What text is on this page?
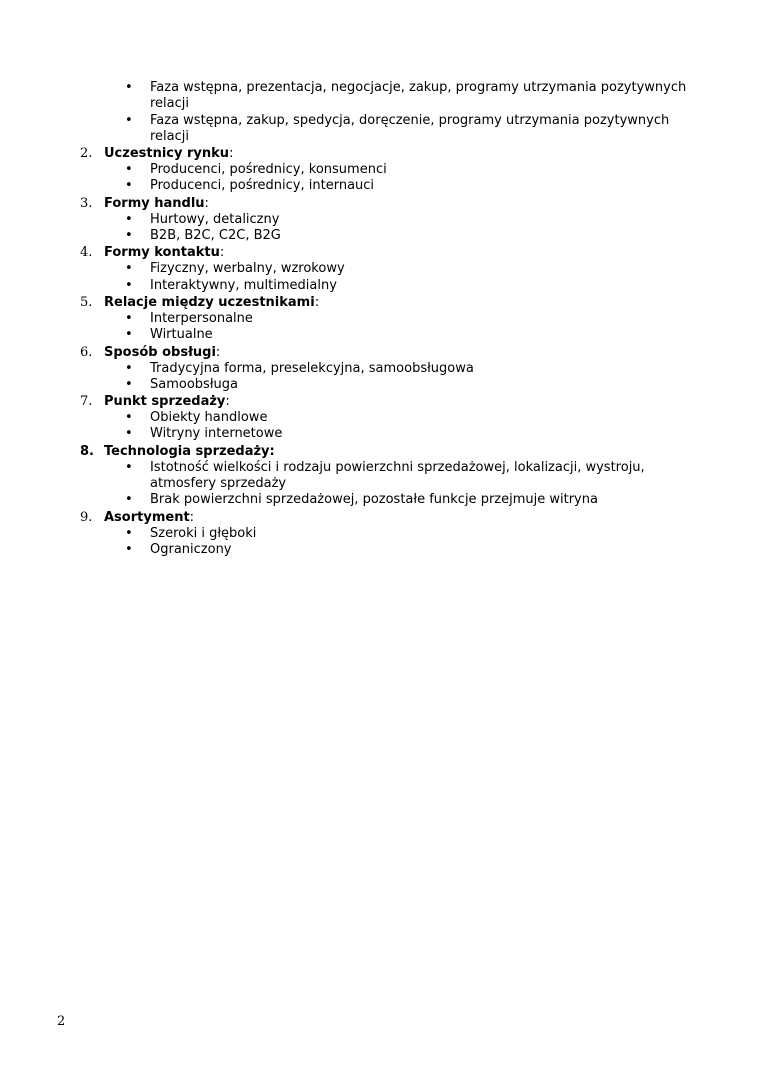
• Faza wstępna, prezentacja, negocjacje, zakup, programy utrzymania pozytywnych relacji
• Faza wstępna, zakup, spedycja, doręczenie, programy utrzymania pozytywnych relacji
2. Uczestnicy rynku:
• Producenci, pośrednicy, konsumenci
• Producenci, pośrednicy, internauci
3. Formy handlu:
• Hurtowy, detaliczny
• B2B, B2C, C2C, B2G
4. Formy kontaktu:
• Fizyczny, werbalny, wzrokowy
• Interaktywny, multimedialny
5. Relacje między uczestnikami:
• Interpersonalne
• Wirtualne
6. Sposób obsługi:
• Tradycyjna forma, preselekcyjna, samoobsługowa
• Samoobsługa
7. Punkt sprzedaży:
• Obiekty handlowe
• Witryny internetowe
8. Technologia sprzedaży:
• Istotność wielkości i rodzaju powierzchni sprzedażowej, lokalizacji, wystroju, atmosfery sprzedaży
• Brak powierzchni sprzedażowej, pozostałe funkcje przejmuje witryna
9. Asortyment:
• Szeroki i głęboki
• Ograniczony
2
